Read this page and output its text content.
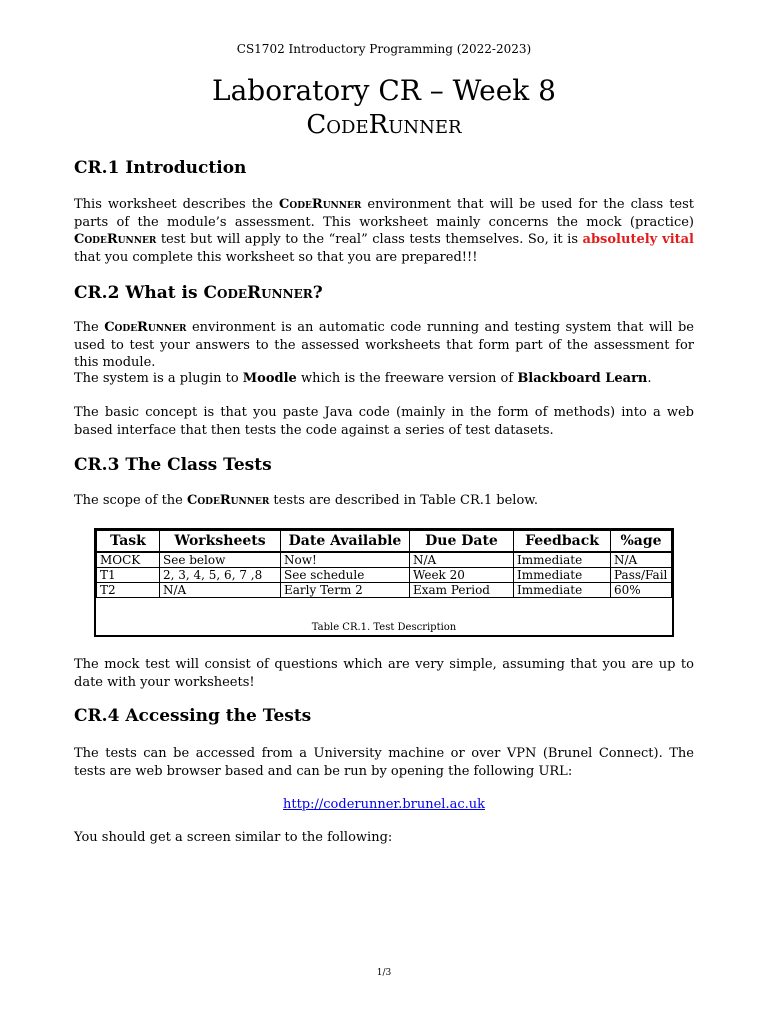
CS1702 Introductory Programming (2022-2023)
Laboratory CR – Week 8
CodeRunner
CR.1 Introduction
This worksheet describes the CodeRunner environment that will be used for the class test parts of the module’s assessment. This worksheet mainly concerns the mock (practice) CodeRunner test but will apply to the “real” class tests themselves. So, it is absolutely vital that you complete this worksheet so that you are prepared!!!
CR.2 What is CodeRunner?
The CodeRunner environment is an automatic code running and testing system that will be used to test your answers to the assessed worksheets that form part of the assessment for this module.
The system is a plugin to Moodle which is the freeware version of Blackboard Learn.
The basic concept is that you paste Java code (mainly in the form of methods) into a web based interface that then tests the code against a series of test datasets.
CR.3 The Class Tests
The scope of the CodeRunner tests are described in Table CR.1 below.
Task	Worksheets	Date Available	Due Date	Feedback	%age
MOCK	See below	Now!	N/A	Immediate	N/A
T1	2, 3, 4, 5, 6, 7 ,8	See schedule	Week 20	Immediate	Pass/Fail
T2	N/A	Early Term 2	Exam Period	Immediate	60%
Table CR.1. Test Description
The mock test will consist of questions which are very simple, assuming that you are up to date with your worksheets!
CR.4 Accessing the Tests
The tests can be accessed from a University machine or over VPN (Brunel Connect). The tests are web browser based and can be run by opening the following URL:
http://coderunner.brunel.ac.uk
You should get a screen similar to the following:
1/3
